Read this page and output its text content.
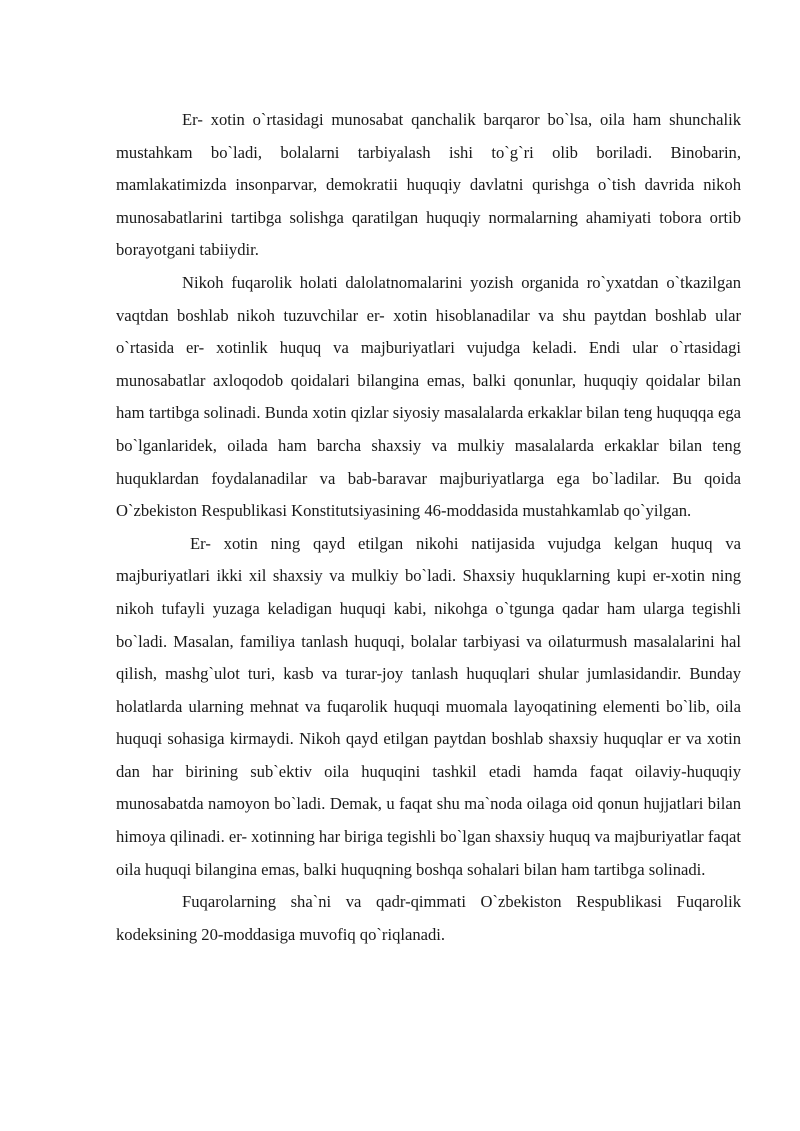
Er- xotin o`rtasidagi munosabat qanchalik barqaror bo`lsa, oila ham shunchalik mustahkam bo`ladi, bolalarni tarbiyalash ishi to`g`ri olib boriladi. Binobarin, mamlakatimizda insonparvar, demokratii huquqiy davlatni qurishga o`tish davrida nikoh munosabatlarini tartibga solishga qaratilgan huquqiy normalarning ahamiyati tobora ortib borayotgani tabiiydir.

Nikoh fuqarolik holati dalolatnomalarini yozish organida ro`yxatdan o`tkazilgan vaqtdan boshlab nikoh tuzuvchilar er- xotin hisoblanadilar va shu paytdan boshlab ular o`rtasida er- xotinlik huquq va majburiyatlari vujudga keladi. Endi ular o`rtasidagi munosabatlar axloqodob qoidalari bilangina emas, balki qonunlar, huquqiy qoidalar bilan ham tartibga solinadi. Bunda xotin qizlar siyosiy masalalarda erkaklar bilan teng huquqqa ega bo`lganlaridek, oilada ham barcha shaxsiy va mulkiy masalalarda erkaklar bilan teng huquklardan foydalanadilar va bab-baravar majburiyatlarga ega bo`ladilar. Bu qoida O`zbekiston Respublikasi Konstitutsiyasining 46-moddasida mustahkamlab qo`yilgan.

Er- xotin ning qayd etilgan nikohi natijasida vujudga kelgan huquq va majburiyatlari ikki xil shaxsiy va mulkiy bo`ladi. Shaxsiy huquklarning kupi er-xotin ning nikoh tufayli yuzaga keladigan huquqi kabi, nikohga o`tgunga qadar ham ularga tegishli bo`ladi. Masalan, familiya tanlash huquqi, bolalar tarbiyasi va oilaturmush masalalarini hal qilish, mashg`ulot turi, kasb va turar-joy tanlash huquqlari shular jumlasidandir. Bunday holatlarda ularning mehnat va fuqarolik huquqi muomala layoqatining elementi bo`lib, oila huquqi sohasiga kirmaydi. Nikoh qayd etilgan paytdan boshlab shaxsiy huquqlar er va xotin dan har birining sub`ektiv oila huquqini tashkil etadi hamda faqat oilaviy-huquqiy munosabatda namoyon bo`ladi. Demak, u faqat shu ma`noda oilaga oid qonun hujjatlari bilan himoya qilinadi. er- xotinning har biriga tegishli bo`lgan shaxsiy huquq va majburiyatlar faqat oila huquqi bilangina emas, balki huquqning boshqa sohalari bilan ham tartibga solinadi.

Fuqarolarning sha`ni va qadr-qimmati O`zbekiston Respublikasi Fuqarolik kodeksining 20-moddasiga muvofiq qo`riqlanadi.
